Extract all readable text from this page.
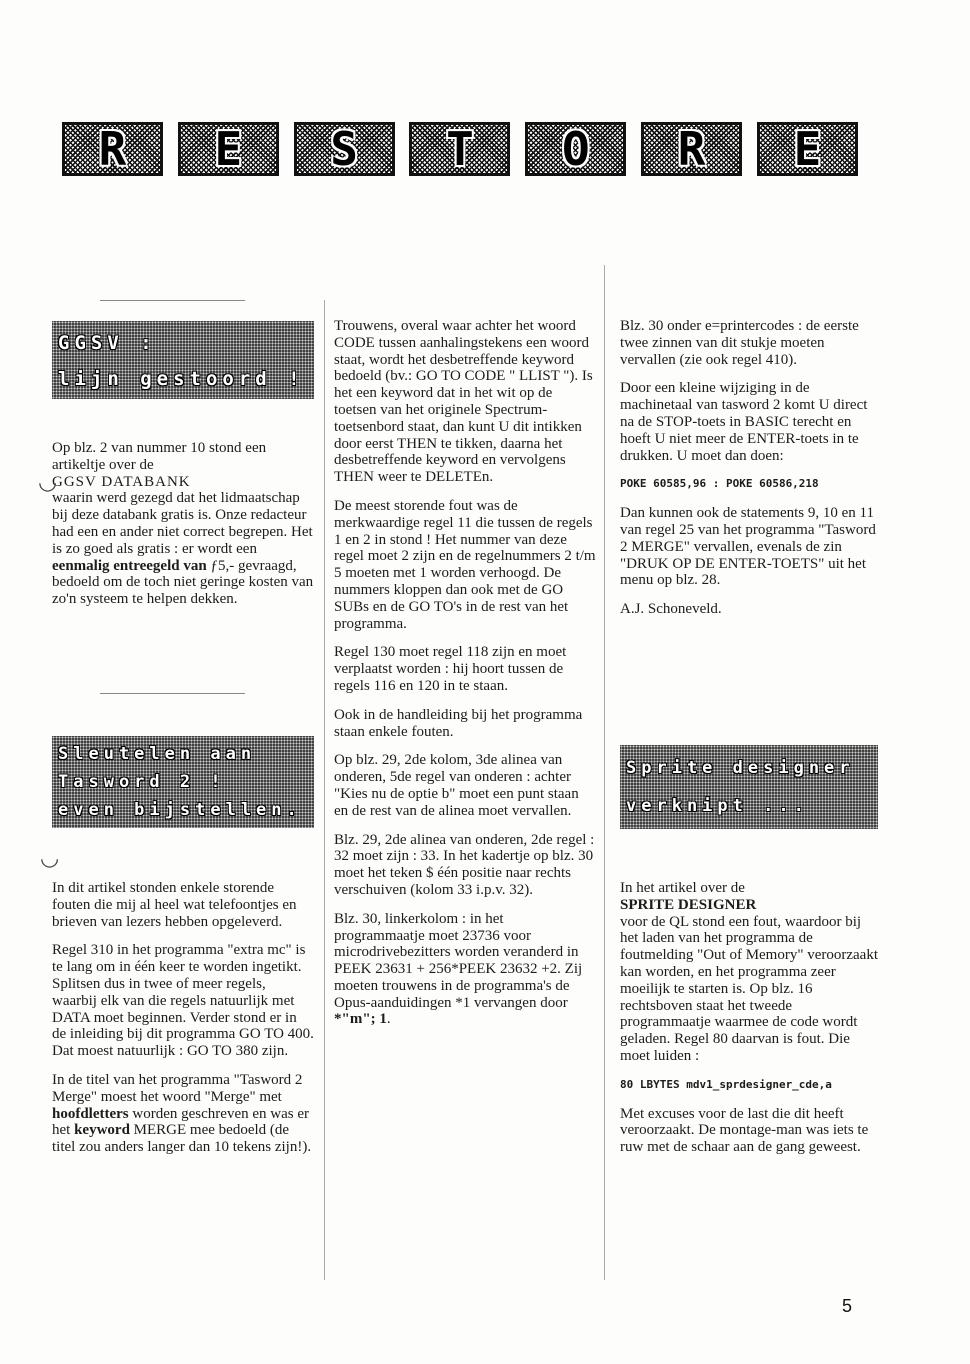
R	E	S	T	O	R	E
GGSV :
lijn gestoord !
Sleutelen aan
Tasword 2 !
even bijstellen.
Sprite designer
verknipt ...

Op blz. 2 van nummer 10 stond een artikeltje over de
GGSV DATABANK
waarin werd gezegd dat het lidmaatschap bij deze databank gratis is. Onze redacteur had een en ander niet correct begrepen. Het is zo goed als gratis : er wordt een eenmalig entreegeld van ƒ5,- gevraagd, bedoeld om de toch niet geringe kosten van zo'n systeem te helpen dekken.

In dit artikel stonden enkele storende fouten die mij al heel wat telefoontjes en brieven van lezers hebben opgeleverd.

Regel 310 in het programma "extra mc" is te lang om in één keer te worden ingetikt. Splitsen dus in twee of meer regels, waarbij elk van die regels natuurlijk met DATA moet beginnen. Verder stond er in de inleiding bij dit programma GO TO 400. Dat moest natuurlijk : GO TO 380 zijn.

In de titel van het programma "Tasword 2 Merge" moest het woord "Merge" met hoofdletters worden geschreven en was er het keyword MERGE mee bedoeld (de titel zou anders langer dan 10 tekens zijn!).

Trouwens, overal waar achter het woord CODE tussen aanhalingstekens een woord staat, wordt het desbetreffende keyword bedoeld (bv.: GO TO CODE " LLIST "). Is het een keyword dat in het wit op de toetsen van het originele Spectrum-toetsenbord staat, dan kunt U dit intikken door eerst THEN te tikken, daarna het desbetreffende keyword en vervolgens THEN weer te DELETEn.

De meest storende fout was de merkwaardige regel 11 die tussen de regels 1 en 2 in stond ! Het nummer van deze regel moet 2 zijn en de regelnummers 2 t/m 5 moeten met 1 worden verhoogd. De nummers kloppen dan ook met de GO SUBs en de GO TO's in de rest van het programma.

Regel 130 moet regel 118 zijn en moet verplaatst worden : hij hoort tussen de regels 116 en 120 in te staan.

Ook in de handleiding bij het programma staan enkele fouten.

Op blz. 29, 2de kolom, 3de alinea van onderen, 5de regel van onderen : achter "Kies nu de optie b" moet een punt staan en de rest van de alinea moet vervallen.

Blz. 29, 2de alinea van onderen, 2de regel : 32 moet zijn : 33. In het kadertje op blz. 30 moet het teken $ één positie naar rechts verschuiven (kolom 33 i.p.v. 32).

Blz. 30, linkerkolom : in het programmaatje moet 23736 voor microdrivebezitters worden veranderd in PEEK 23631 + 256*PEEK 23632 +2. Zij moeten trouwens in de programma's de Opus-aanduidingen *1 vervangen door *"m"; 1.

Blz. 30 onder e=printercodes : de eerste twee zinnen van dit stukje moeten vervallen (zie ook regel 410).

Door een kleine wijziging in de machinetaal van tasword 2 komt U direct na de STOP-toets in BASIC terecht en hoeft U niet meer de ENTER-toets in te drukken. U moet dan doen:

POKE 60585,96 : POKE 60586,218

Dan kunnen ook de statements 9, 10 en 11 van regel 25 van het programma "Tasword 2 MERGE" vervallen, evenals de zin "DRUK OP DE ENTER-TOETS" uit het menu op blz. 28.

A.J. Schoneveld.

In het artikel over de
SPRITE DESIGNER
voor de QL stond een fout, waardoor bij het laden van het programma de foutmelding "Out of Memory" veroorzaakt kan worden, en het programma zeer moeilijk te starten is. Op blz. 16 rechtsboven staat het tweede programmaatje waarmee de code wordt geladen. Regel 80 daarvan is fout. Die moet luiden :

80 LBYTES mdv1_sprdesigner_cde,a

Met excuses voor de last die dit heeft veroorzaakt. De montage-man was iets te ruw met de schaar aan de gang geweest.

◡
◡
5
